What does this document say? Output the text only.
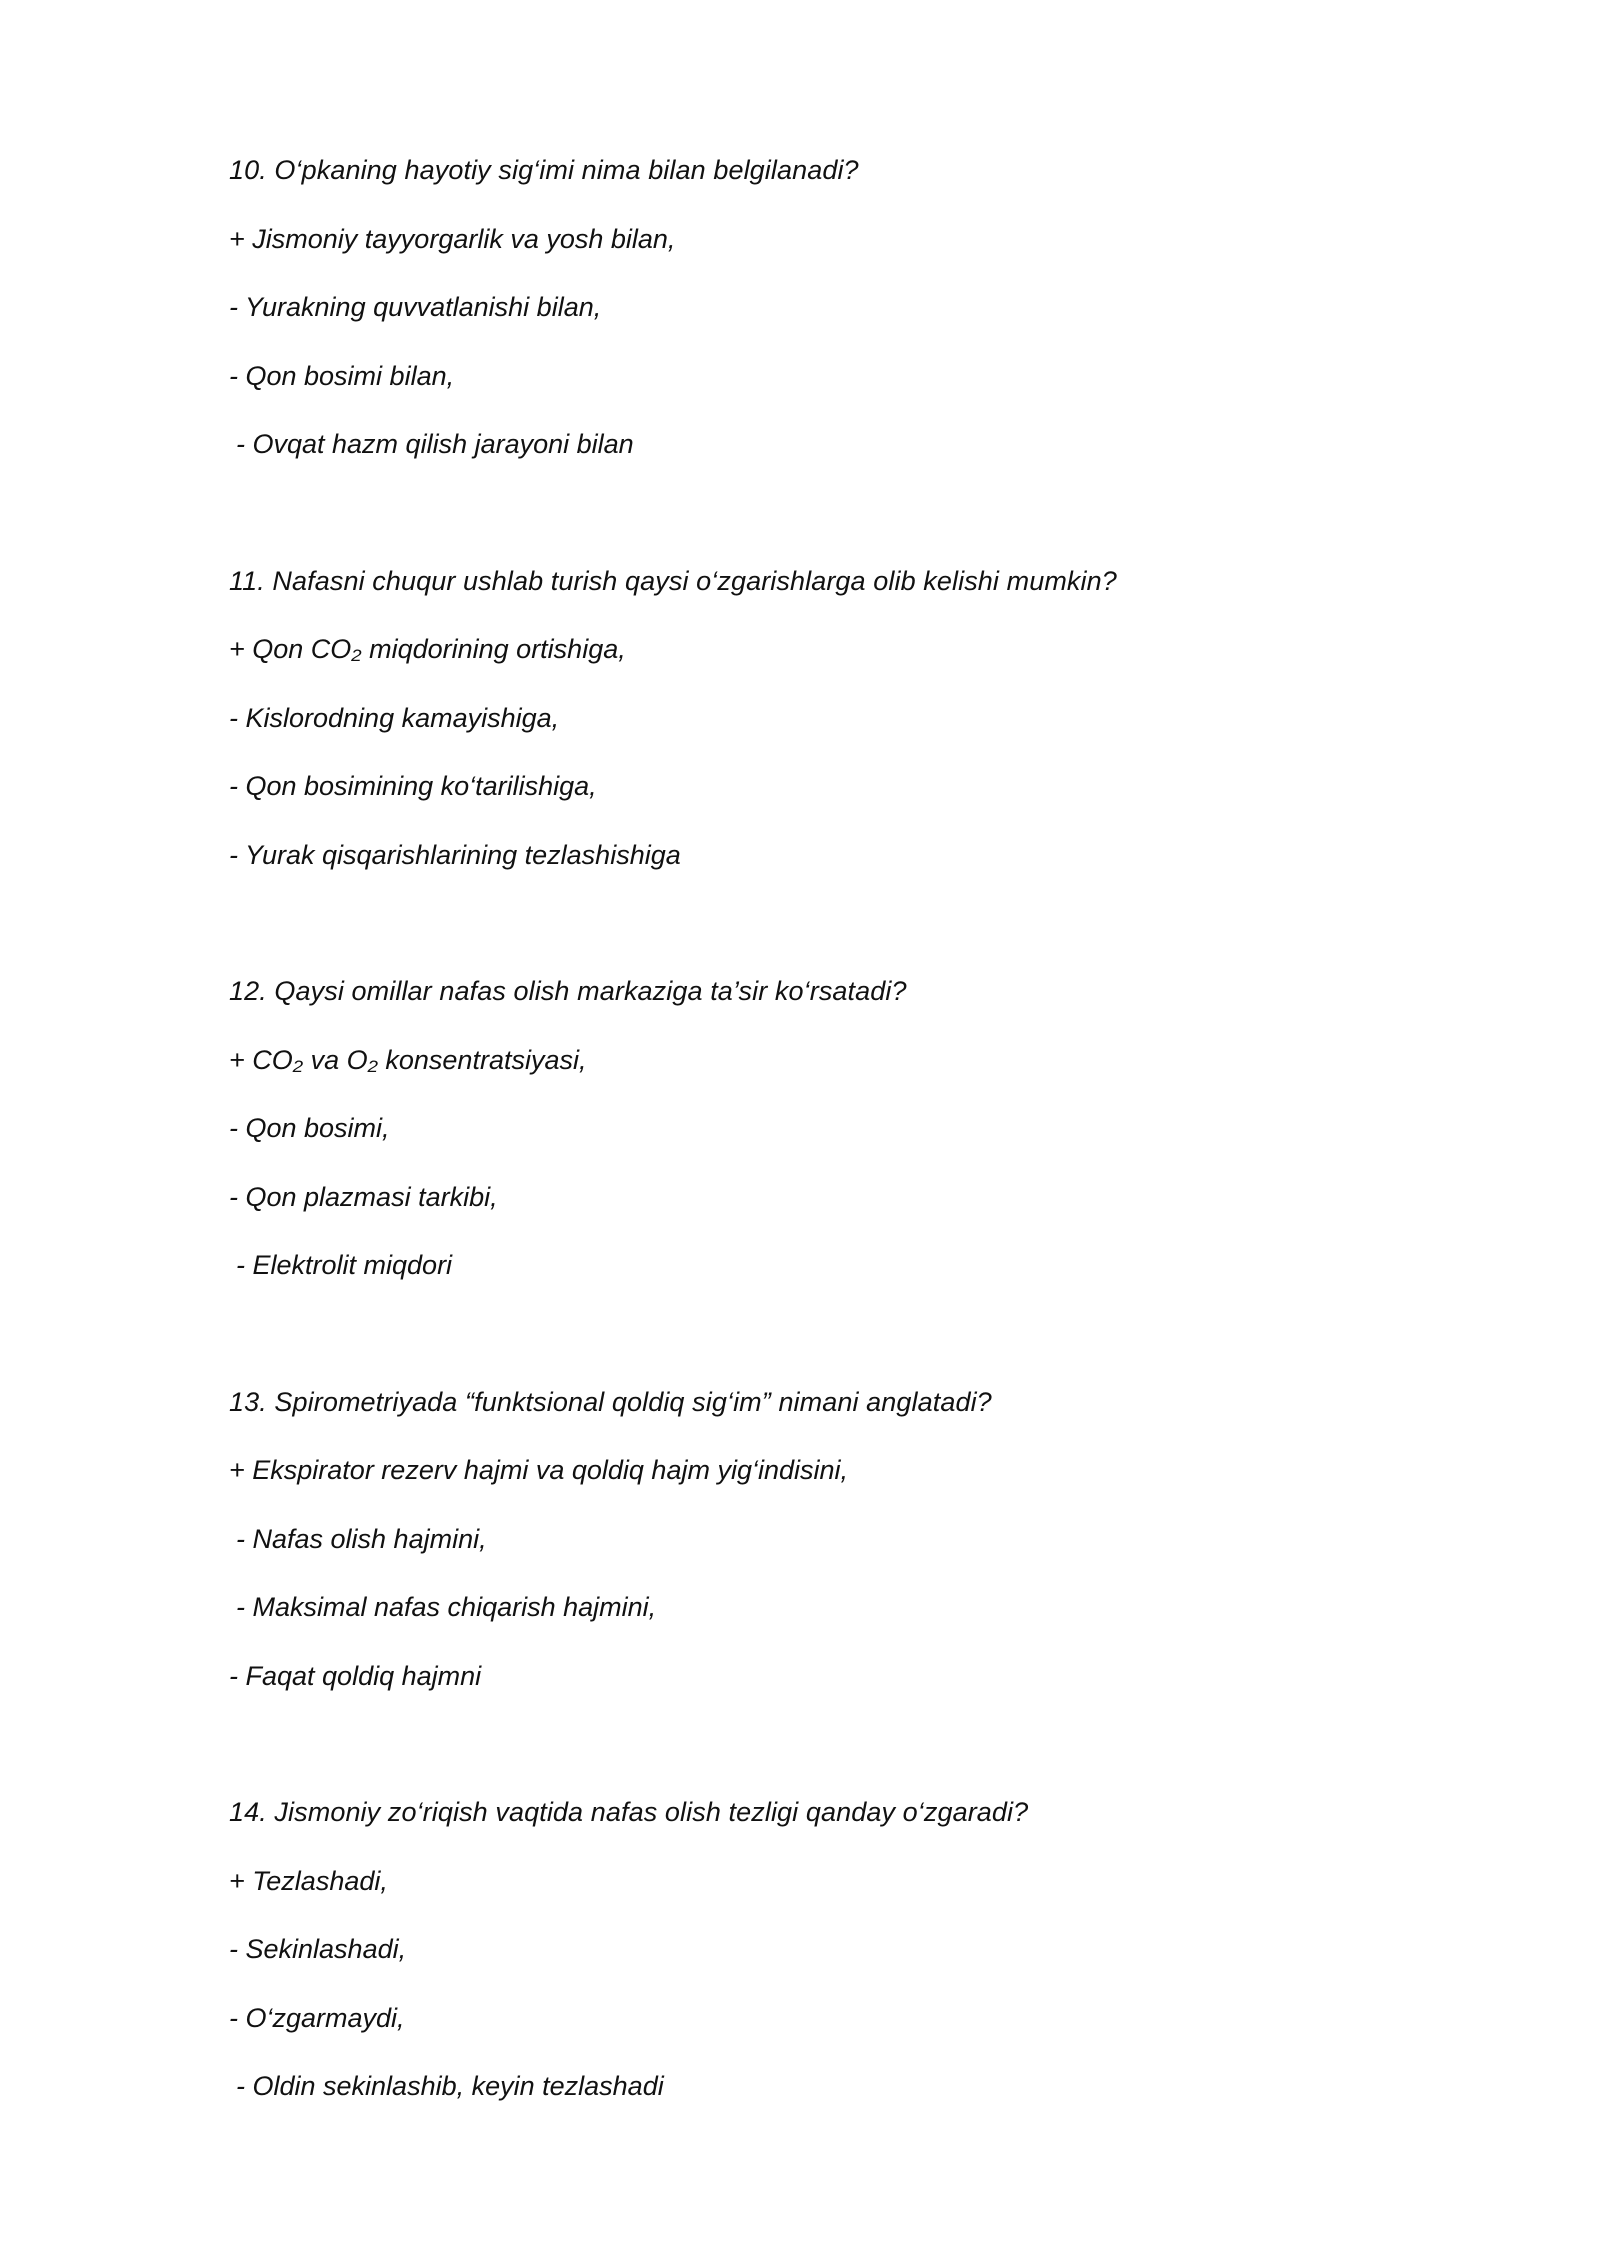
10. O‘pkaning hayotiy sig‘imi nima bilan belgilanadi?
+ Jismoniy tayyorgarlik va yosh bilan,
- Yurakning quvvatlanishi bilan,
- Qon bosimi bilan,
- Ovqat hazm qilish jarayoni bilan
11. Nafasni chuqur ushlab turish qaysi o‘zgarishlarga olib kelishi mumkin?
+ Qon CO₂ miqdorining ortishiga,
- Kislorodning kamayishiga,
- Qon bosimining ko‘tarilishiga,
- Yurak qisqarishlarining tezlashishiga
12. Qaysi omillar nafas olish markaziga ta’sir ko‘rsatadi?
+ CO₂ va O₂ konsentratsiyasi,
- Qon bosimi,
- Qon plazmasi tarkibi,
- Elektrolit miqdori
13. Spirometriyada “funktsional qoldiq sig‘im” nimani anglatadi?
+ Ekspirator rezerv hajmi va qoldiq hajm yig‘indisini,
- Nafas olish hajmini,
- Maksimal nafas chiqarish hajmini,
- Faqat qoldiq hajmni
14. Jismoniy zo‘riqish vaqtida nafas olish tezligi qanday o‘zgaradi?
+ Tezlashadi,
- Sekinlashadi,
- O‘zgarmaydi,
- Oldin sekinlashib, keyin tezlashadi
